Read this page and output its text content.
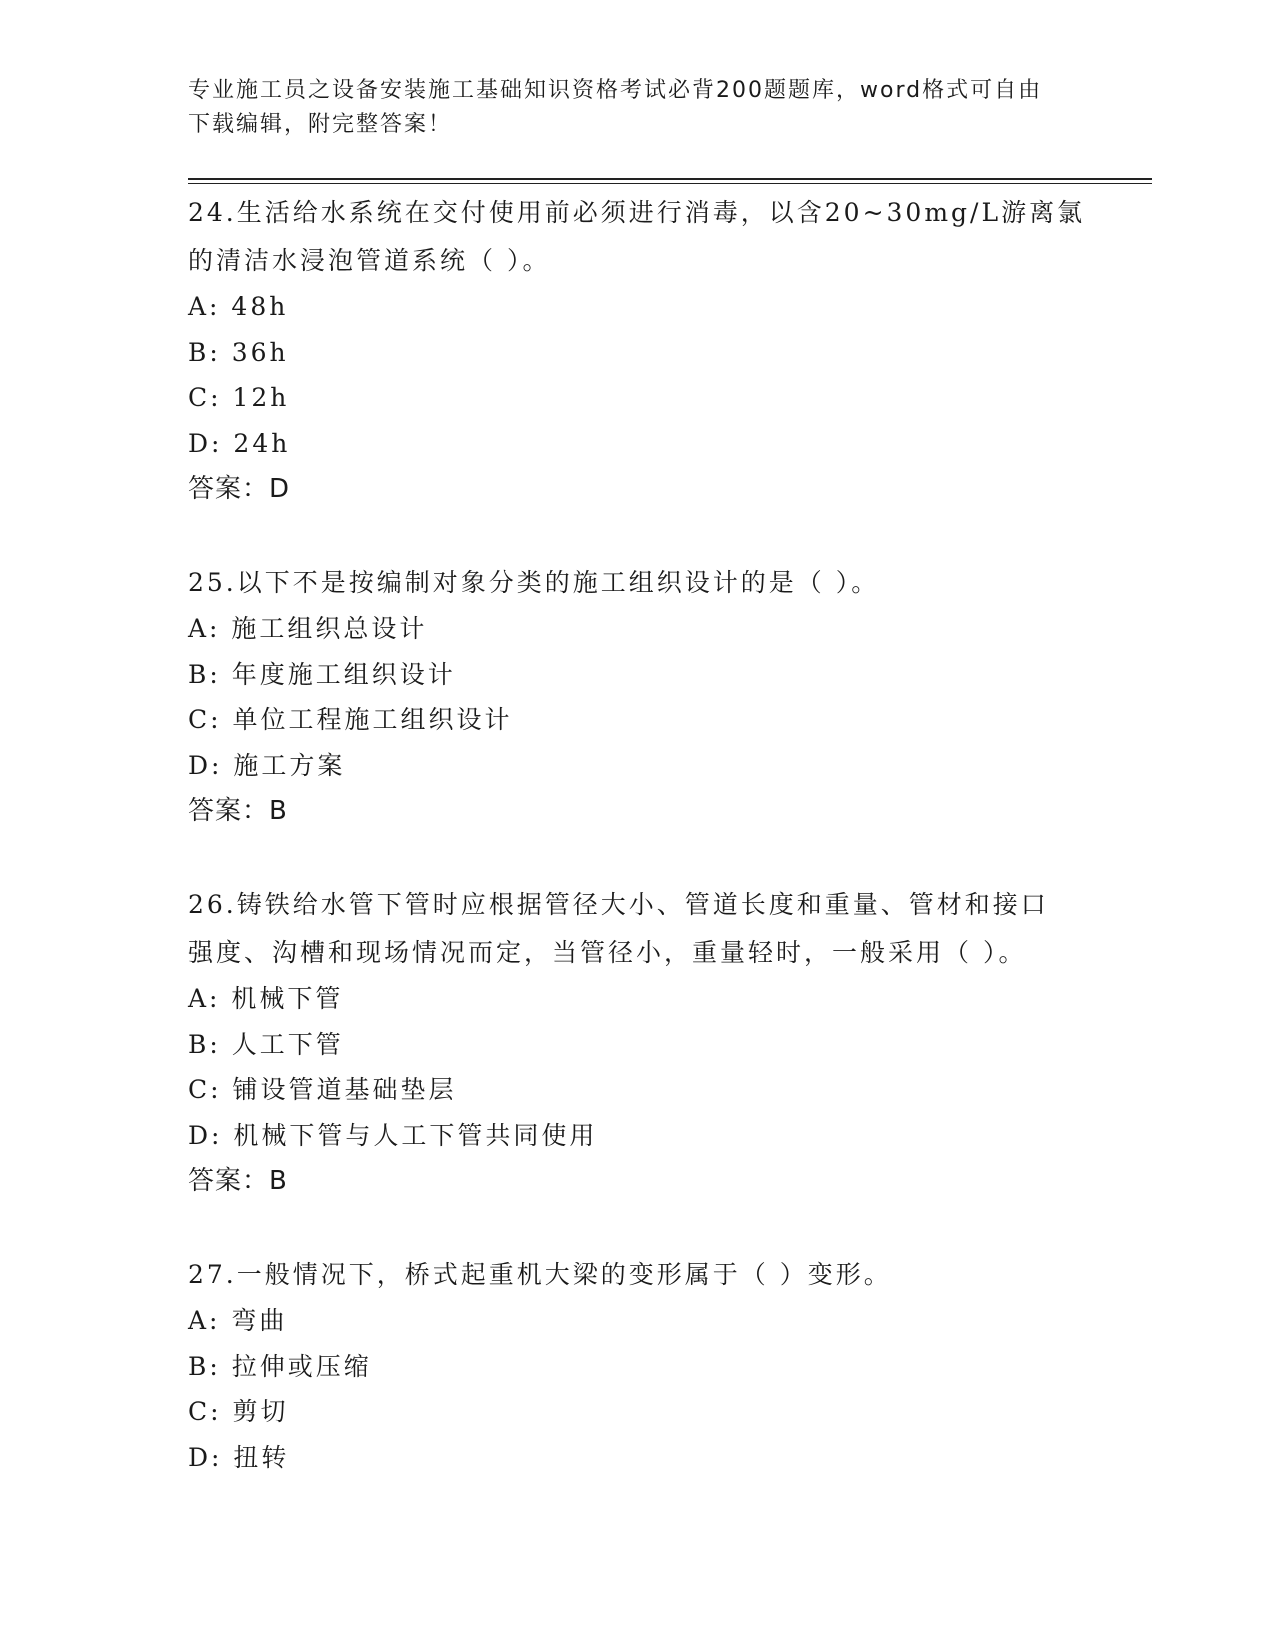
专业施工员之设备安装施工基础知识资格考试必背200题题库，word格式可自由
下载编辑，附完整答案！
24.生活给水系统在交付使用前必须进行消毒，以含20~30mg/L游离氯
的清洁水浸泡管道系统（ ）。
A: 48h
B: 36h
C: 12h
D: 24h
答案：D
25.以下不是按编制对象分类的施工组织设计的是（ ）。
A: 施工组织总设计
B: 年度施工组织设计
C: 单位工程施工组织设计
D: 施工方案
答案：B
26.铸铁给水管下管时应根据管径大小、管道长度和重量、管材和接口
强度、沟槽和现场情况而定，当管径小，重量轻时，一般采用（ ）。
A: 机械下管
B: 人工下管
C: 铺设管道基础垫层
D: 机械下管与人工下管共同使用
答案：B
27.一般情况下，桥式起重机大梁的变形属于（ ）变形。
A: 弯曲
B: 拉伸或压缩
C: 剪切
D: 扭转
